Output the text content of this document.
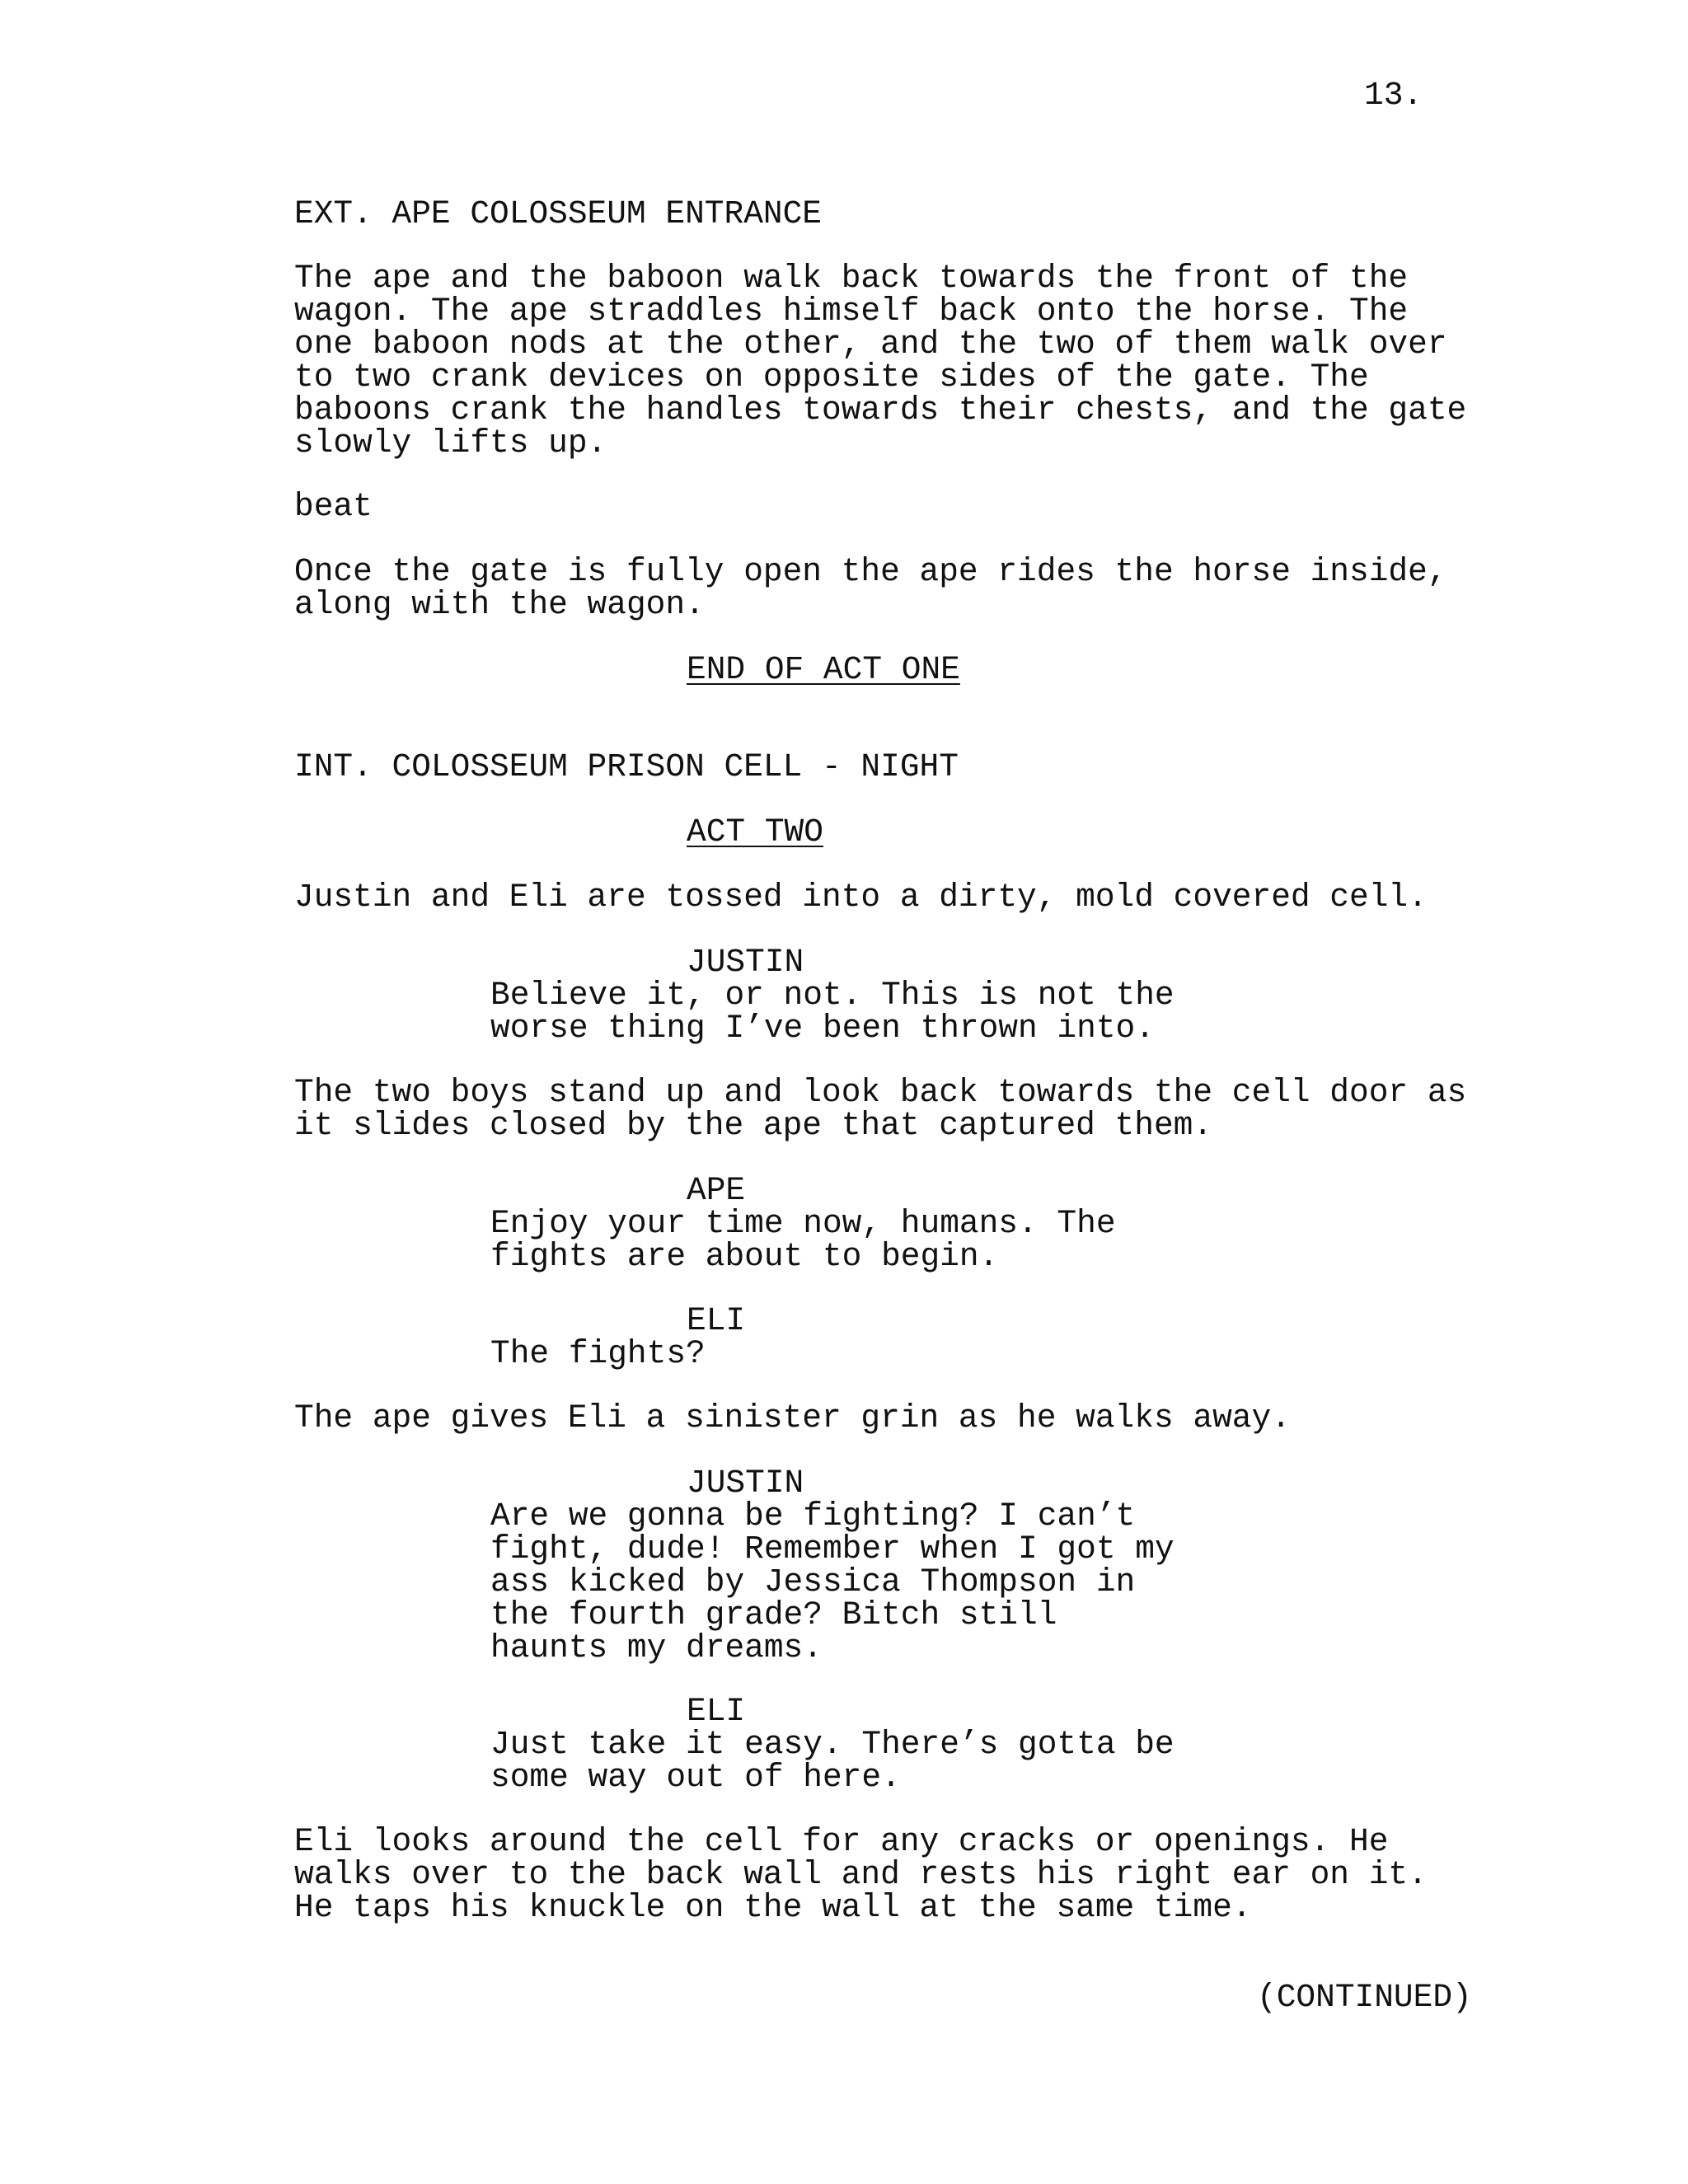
13.
EXT. APE COLOSSEUM ENTRANCE
The ape and the baboon walk back towards the front of the
wagon. The ape straddles himself back onto the horse. The
one baboon nods at the other, and the two of them walk over
to two crank devices on opposite sides of the gate. The
baboons crank the handles towards their chests, and the gate
slowly lifts up.
beat
Once the gate is fully open the ape rides the horse inside,
along with the wagon.
END OF ACT ONE
INT. COLOSSEUM PRISON CELL - NIGHT
ACT TWO
Justin and Eli are tossed into a dirty, mold covered cell.
JUSTIN
Believe it, or not. This is not the
worse thing I’ve been thrown into.
The two boys stand up and look back towards the cell door as
it slides closed by the ape that captured them.
APE
Enjoy your time now, humans. The
fights are about to begin.
ELI
The fights?
The ape gives Eli a sinister grin as he walks away.
JUSTIN
Are we gonna be fighting? I can’t
fight, dude! Remember when I got my
ass kicked by Jessica Thompson in
the fourth grade? Bitch still
haunts my dreams.
ELI
Just take it easy. There’s gotta be
some way out of here.
Eli looks around the cell for any cracks or openings. He
walks over to the back wall and rests his right ear on it.
He taps his knuckle on the wall at the same time.
(CONTINUED)
